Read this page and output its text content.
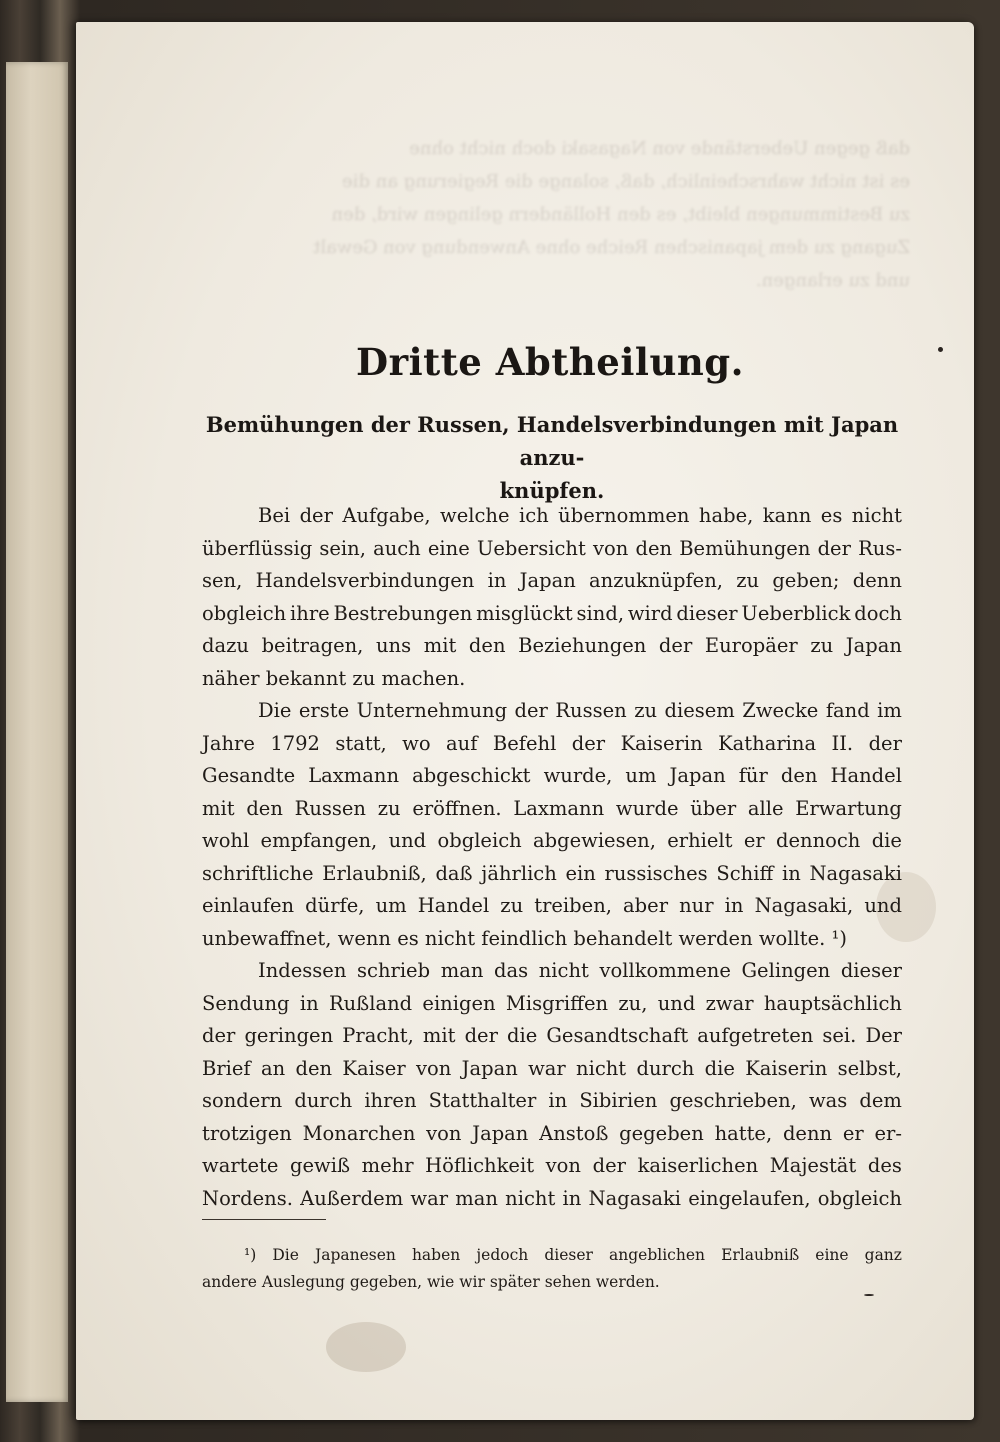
daß gegen Ueberstände von Nagasaki doch nicht ohne
es ist nicht wahrscheinlich, daß, solange die Regierung an die
zu Bestimmungen bleibt, es den Holländern gelingen wird, den
Zugang zu dem japanischen Reiche ohne Anwendung von Gewalt
und zu erlangen.

Dritte Abtheilung.
Bemühungen der Russen, Handelsverbindungen mit Japan anzu-
knüpfen.
Bei der Aufgabe, welche ich übernommen habe, kann es nicht
überflüssig sein, auch eine Uebersicht von den Bemühungen der Rus-
sen, Handelsverbindungen in Japan anzuknüpfen, zu geben; denn
obgleich ihre Bestrebungen misglückt sind, wird dieser Ueberblick doch
dazu beitragen, uns mit den Beziehungen der Europäer zu Japan
näher bekannt zu machen.
Die erste Unternehmung der Russen zu diesem Zwecke fand im
Jahre 1792 statt, wo auf Befehl der Kaiserin Katharina II. der
Gesandte Laxmann abgeschickt wurde, um Japan für den Handel
mit den Russen zu eröffnen. Laxmann wurde über alle Erwartung
wohl empfangen, und obgleich abgewiesen, erhielt er dennoch die
schriftliche Erlaubniß, daß jährlich ein russisches Schiff in Nagasaki
einlaufen dürfe, um Handel zu treiben, aber nur in Nagasaki, und
unbewaffnet, wenn es nicht feindlich behandelt werden wollte. ¹)
Indessen schrieb man das nicht vollkommene Gelingen dieser
Sendung in Rußland einigen Misgriffen zu, und zwar hauptsächlich
der geringen Pracht, mit der die Gesandtschaft aufgetreten sei. Der
Brief an den Kaiser von Japan war nicht durch die Kaiserin selbst,
sondern durch ihren Statthalter in Sibirien geschrieben, was dem
trotzigen Monarchen von Japan Anstoß gegeben hatte, denn er er-
wartete gewiß mehr Höflichkeit von der kaiserlichen Majestät des
Nordens. Außerdem war man nicht in Nagasaki eingelaufen, obgleich
¹) Die Japanesen haben jedoch dieser angeblichen Erlaubniß eine ganz
andere Auslegung gegeben, wie wir später sehen werden.
